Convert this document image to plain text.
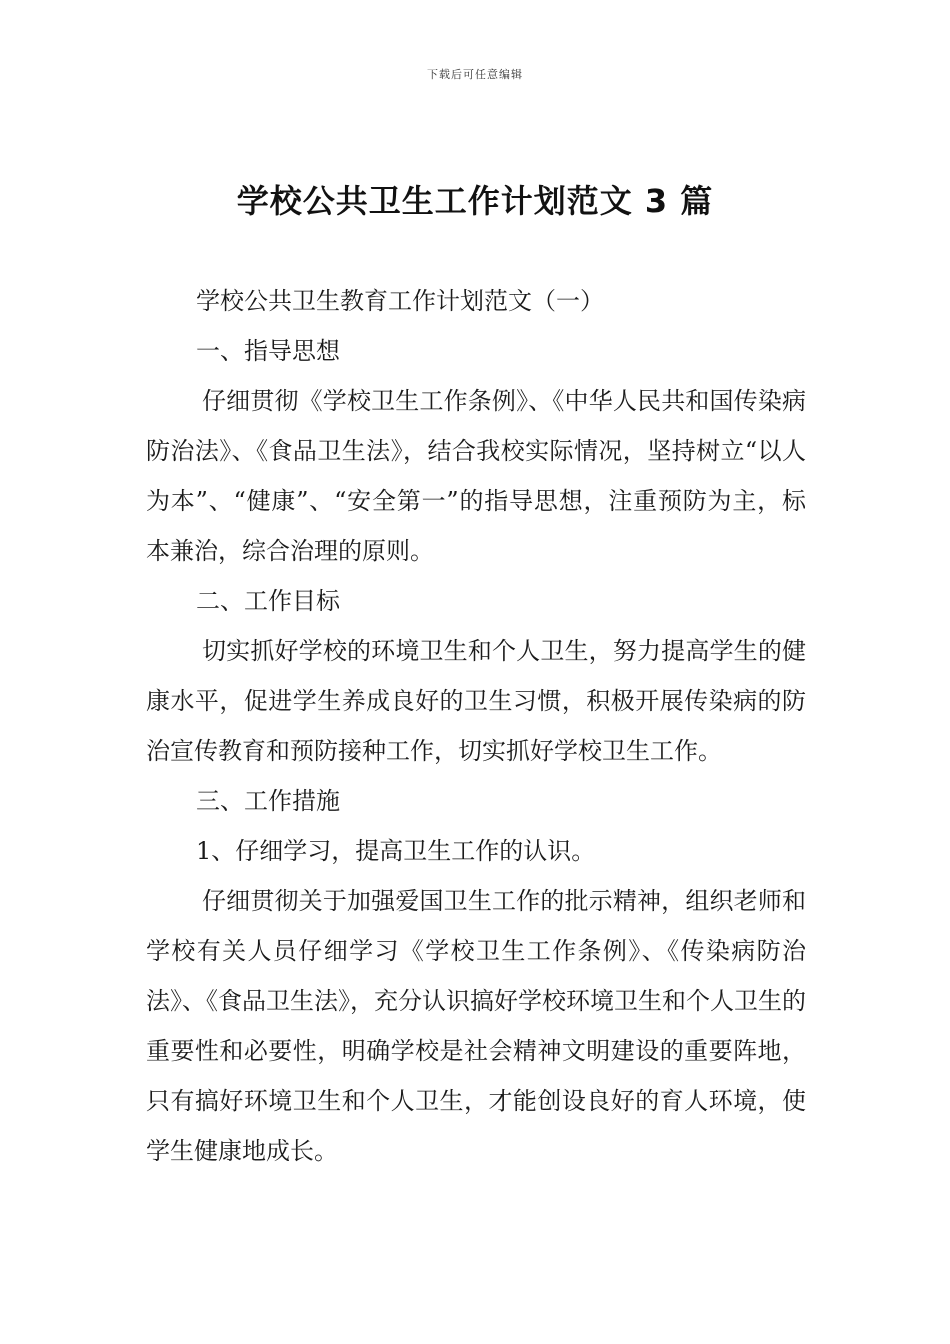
下载后可任意编辑
学校公共卫生工作计划范文 3 篇

学校公共卫生教育工作计划范文（一）

一、指导思想

仔细贯彻《学校卫生工作条例》、《中华人民共和国传染病防治法》、《食品卫生法》，结合我校实际情况，坚持树立“以人为本”、“健康”、“安全第一”的指导思想，注重预防为主，标本兼治，综合治理的原则。

二、工作目标

切实抓好学校的环境卫生和个人卫生，努力提高学生的健康水平，促进学生养成良好的卫生习惯，积极开展传染病的防治宣传教育和预防接种工作，切实抓好学校卫生工作。

三、工作措施

1、仔细学习，提高卫生工作的认识。

仔细贯彻关于加强爱国卫生工作的批示精神，组织老师和学校有关人员仔细学习《学校卫生工作条例》、《传染病防治法》、《食品卫生法》，充分认识搞好学校环境卫生和个人卫生的重要性和必要性，明确学校是社会精神文明建设的重要阵地，只有搞好环境卫生和个人卫生，才能创设良好的育人环境，使学生健康地成长。
